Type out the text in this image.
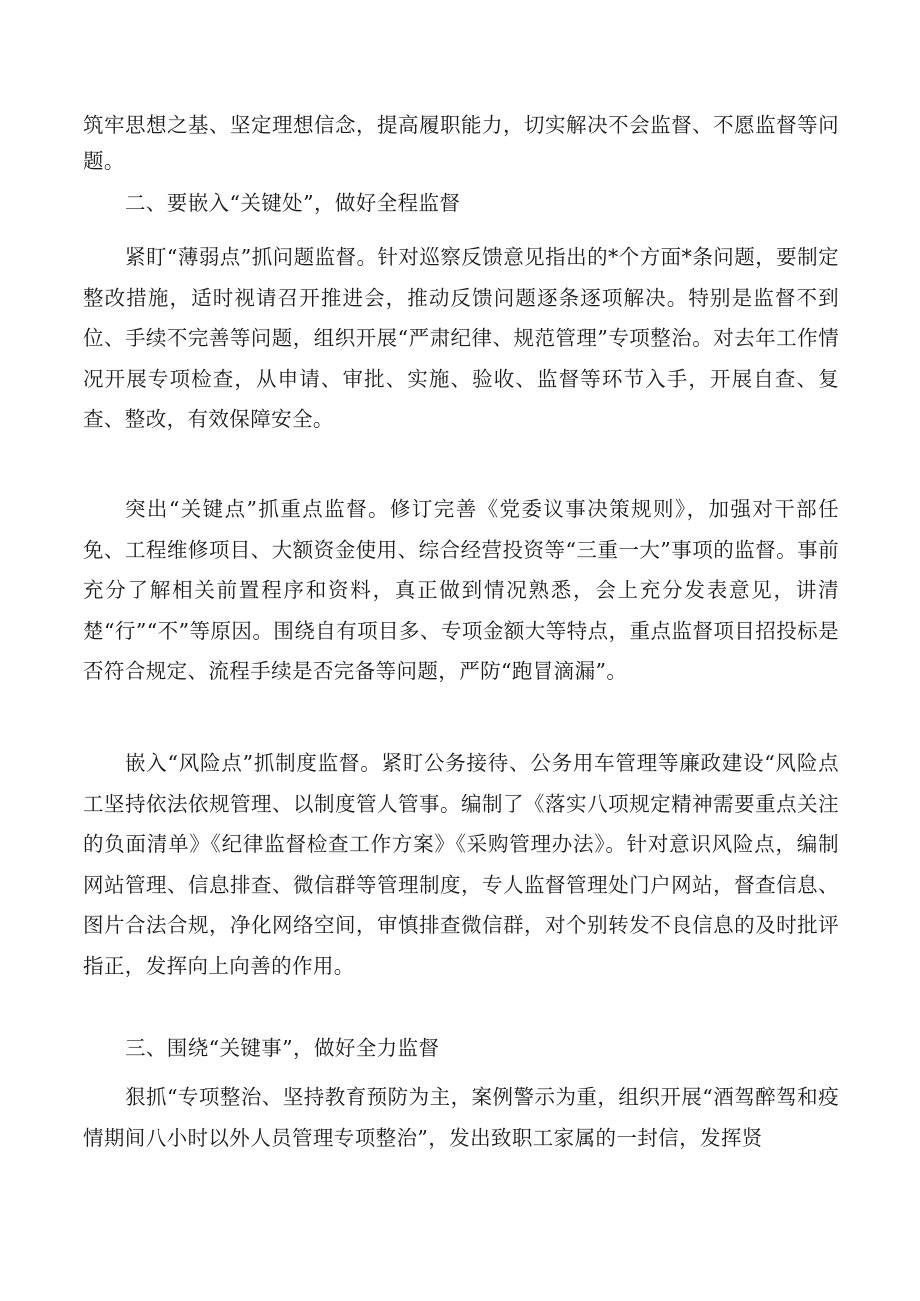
筑牢思想之基、坚定理想信念，提高履职能力，切实解决不会监督、不愿监督等问题。

二、要嵌入“关键处”，做好全程监督

紧盯“薄弱点”抓问题监督。针对巡察反馈意见指出的*个方面*条问题，要制定整改措施，适时视请召开推进会，推动反馈问题逐条逐项解决。特别是监督不到位、手续不完善等问题，组织开展“严肃纪律、规范管理”专项整治。对去年工作情况开展专项检查，从申请、审批、实施、验收、监督等环节入手，开展自查、复查、整改，有效保障安全。

突出“关键点”抓重点监督。修订完善《党委议事决策规则》，加强对干部任免、工程维修项目、大额资金使用、综合经营投资等“三重一大”事项的监督。事前充分了解相关前置程序和资料，真正做到情况熟悉，会上充分发表意见，讲清楚“行”“不”等原因。围绕自有项目多、专项金额大等特点，重点监督项目招投标是否符合规定、流程手续是否完备等问题，严防“跑冒滴漏”。

嵌入“风险点”抓制度监督。紧盯公务接待、公务用车管理等廉政建设“风险点工坚持依法依规管理、以制度管人管事。编制了《落实八项规定精神需要重点关注的负面清单》《纪律监督检查工作方案》《采购管理办法》。针对意识风险点，编制网站管理、信息排查、微信群等管理制度，专人监督管理处门户网站，督查信息、图片合法合规，净化网络空间，审慎排查微信群，对个别转发不良信息的及时批评指正，发挥向上向善的作用。

三、围绕“关键事”，做好全力监督

狠抓“专项整治、坚持教育预防为主，案例警示为重，组织开展“酒驾醉驾和疫情期间八小时以外人员管理专项整治”，发出致职工家属的一封信，发挥贤
